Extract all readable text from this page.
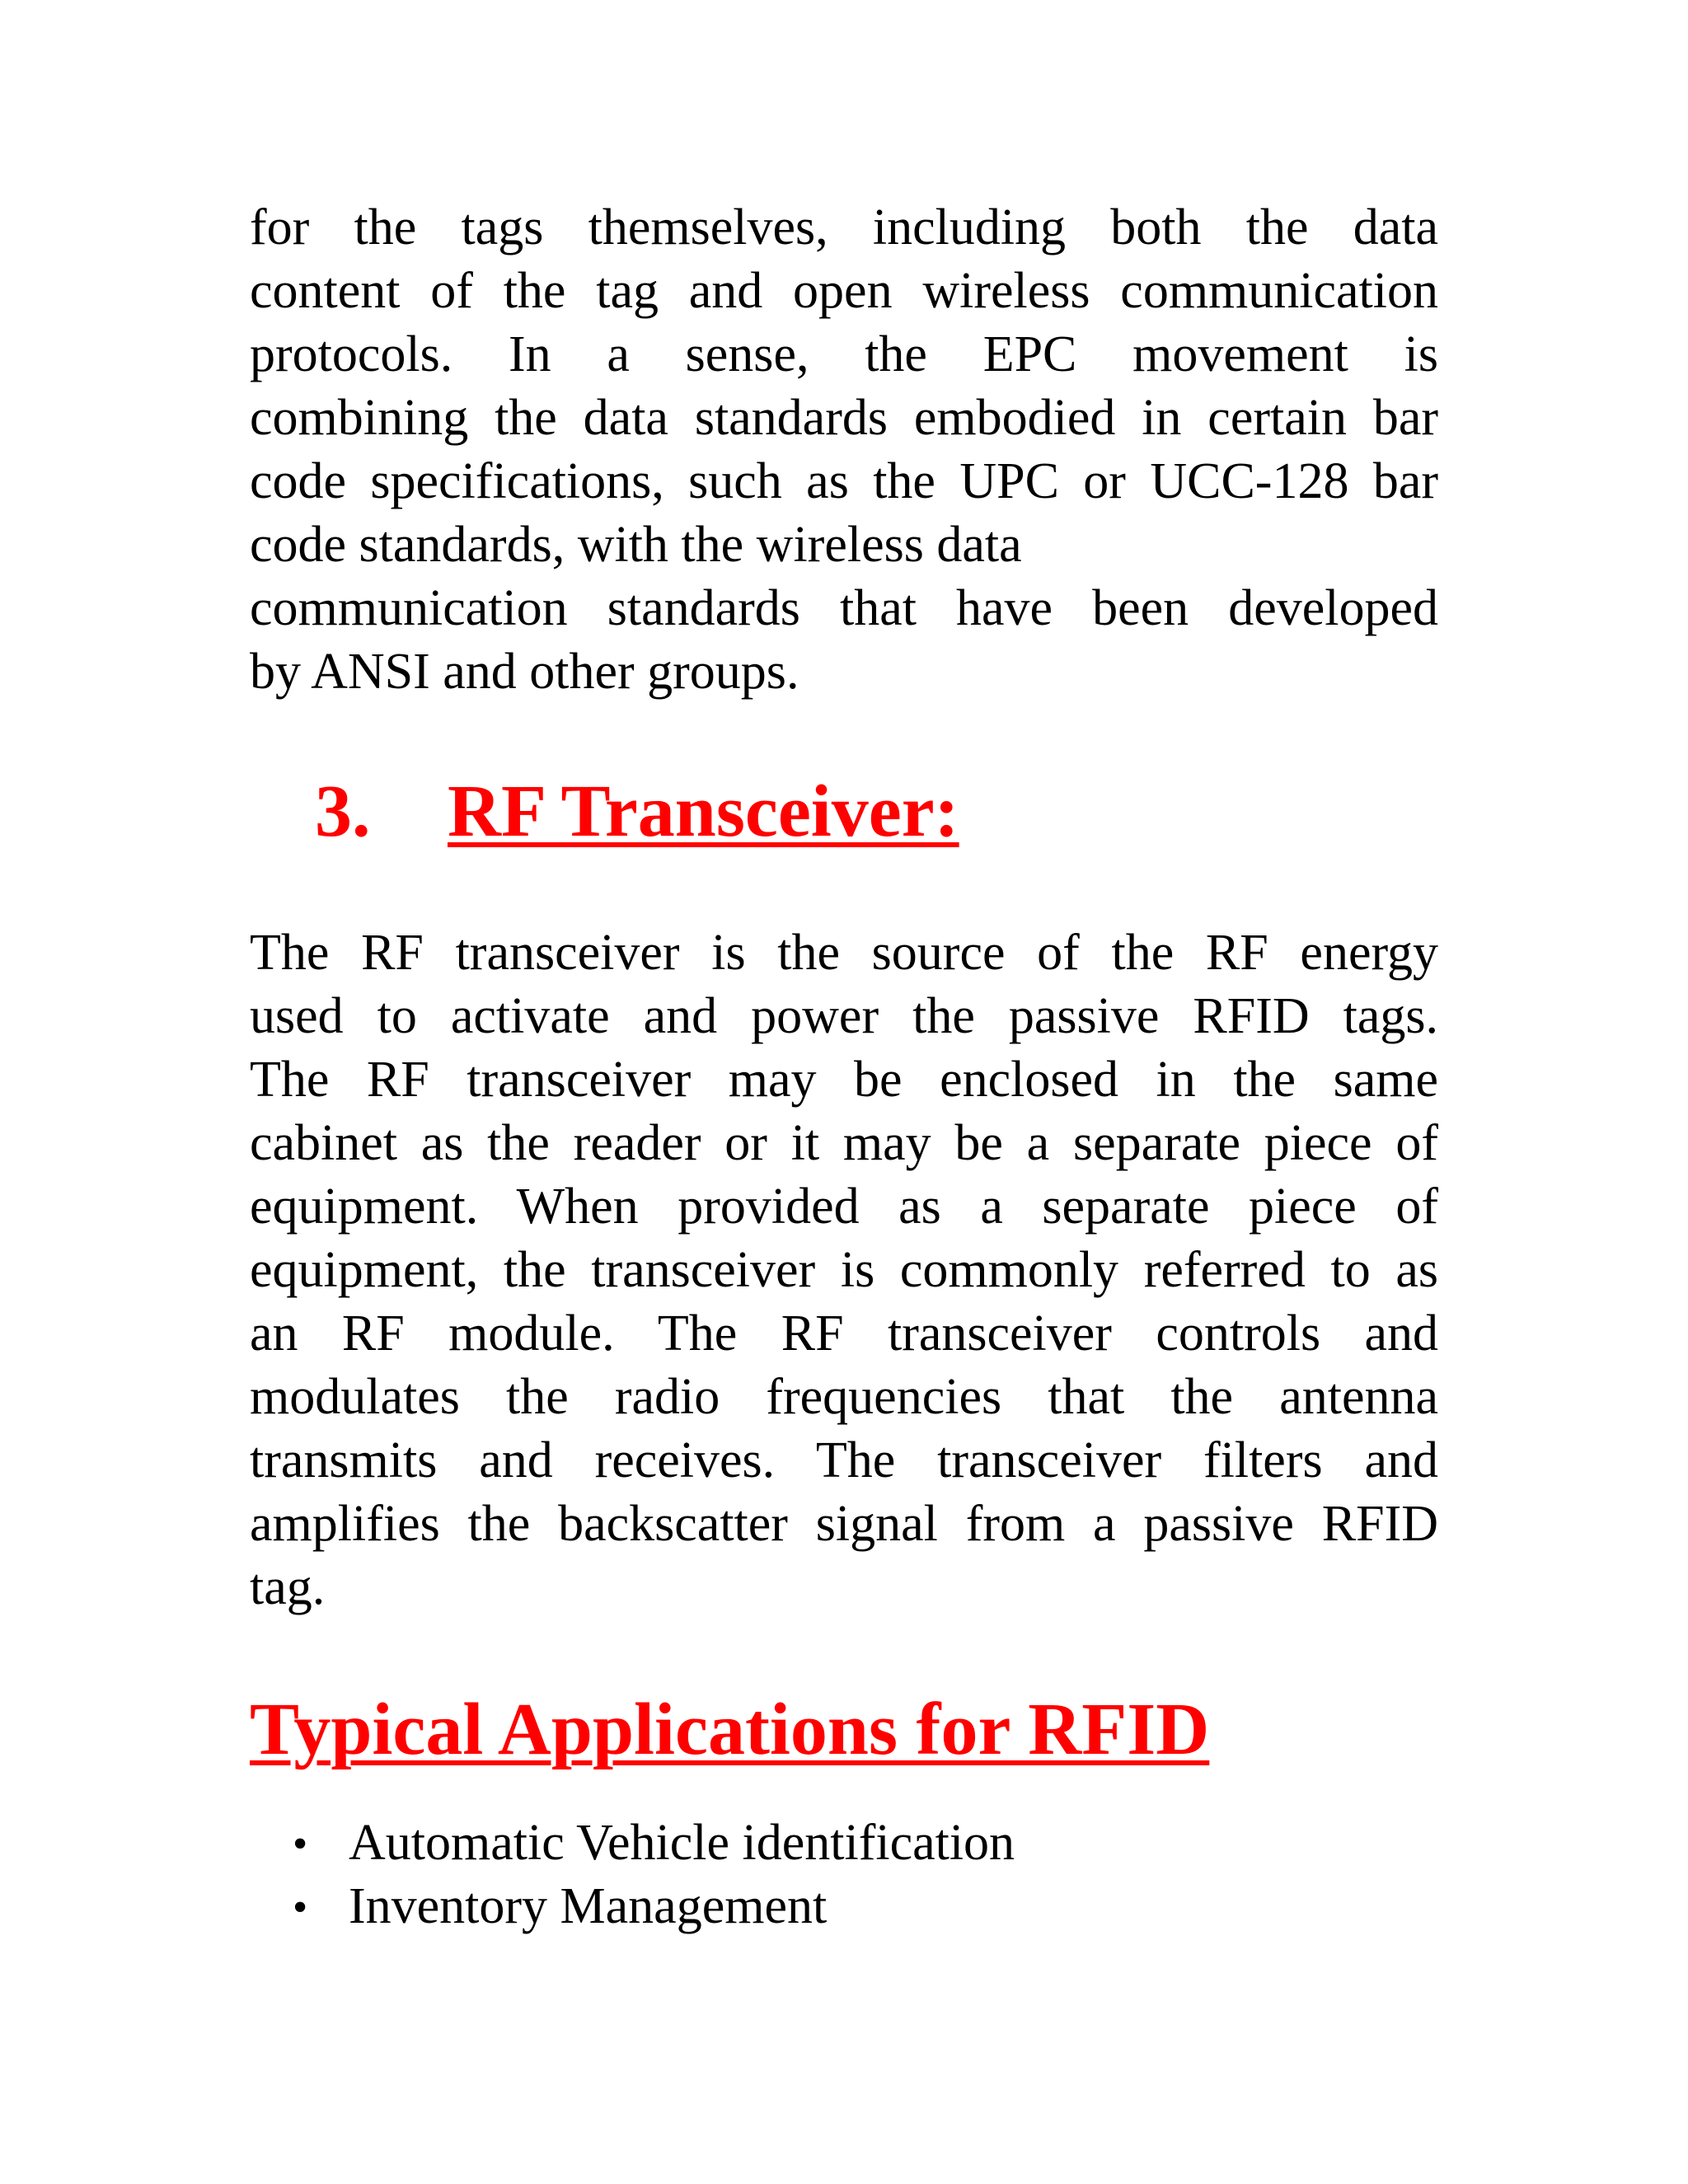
for the tags themselves, including both the data
content of the tag and open wireless communication
protocols. In a sense, the EPC movement is
combining the data standards embodied in certain bar
code specifications, such as the UPC or UCC-128 bar
code standards, with the wireless data
communication standards that have been developed
by ANSI and other groups.
3. RF Transceiver:
The RF transceiver is the source of the RF energy
used to activate and power the passive RFID tags.
The RF transceiver may be enclosed in the same
cabinet as the reader or it may be a separate piece of
equipment. When provided as a separate piece of
equipment, the transceiver is commonly referred to as
an RF module. The RF transceiver controls and
modulates the radio frequencies that the antenna
transmits and receives. The transceiver filters and
amplifies the backscatter signal from a passive RFID
tag.
Typical Applications for RFID
• Automatic Vehicle identification
• Inventory Management
